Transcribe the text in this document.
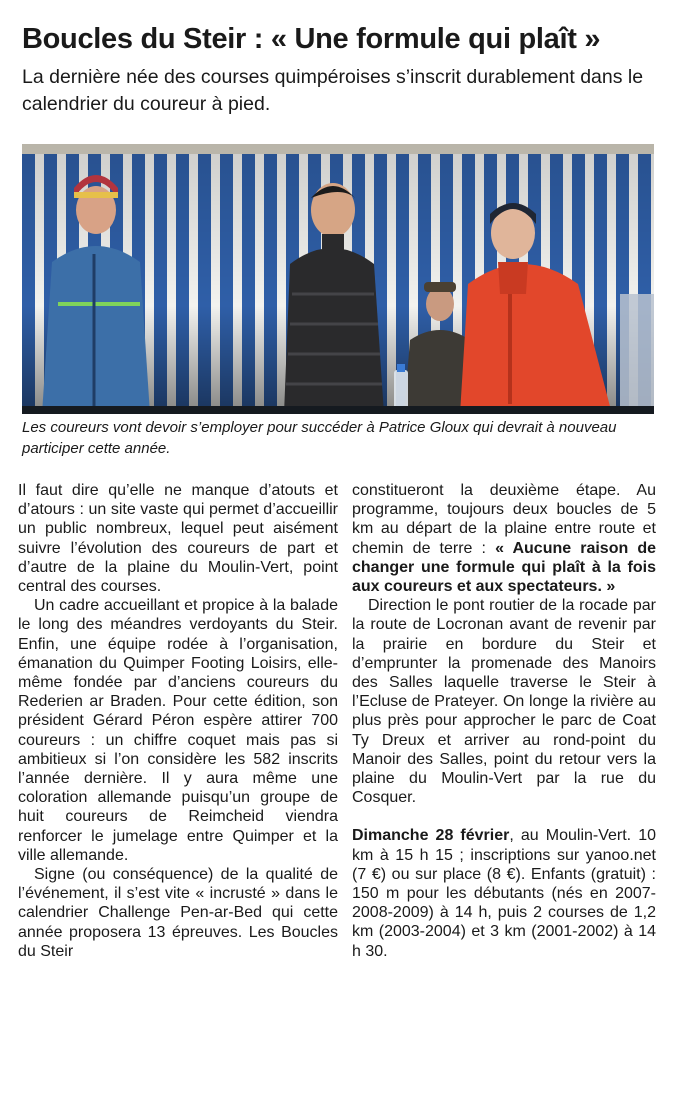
Boucles du Steir : « Une formule qui plaît »

La dernière née des courses quimpéroises s’inscrit durablement dans le calendrier du coureur à pied.

Les coureurs vont devoir s’employer pour succéder à Patrice Gloux qui devrait à nouveau participer cette année.

Il faut dire qu’elle ne manque d’atouts et d’atours : un site vaste qui permet d’accueillir un public nombreux, lequel peut aisément suivre l’évolution des coureurs de part et d’autre de la plaine du Moulin-Vert, point central des courses.

Un cadre accueillant et propice à la balade le long des méandres verdoyants du Steir. Enfin, une équipe rodée à l’organisation, émanation du Quimper Footing Loisirs, elle-même fondée par d’anciens coureurs du Rederien ar Braden. Pour cette édition, son président Gérard Péron espère attirer 700 coureurs : un chiffre coquet mais pas si ambitieux si l’on considère les 582 inscrits l’année dernière. Il y aura même une coloration allemande puisqu’un groupe de huit coureurs de Reimcheid viendra renforcer le jumelage entre Quimper et la ville allemande.

Signe (ou conséquence) de la qualité de l’événement, il s’est vite « incrusté » dans le calendrier Challenge Pen-ar-Bed qui cette année proposera 13 épreuves. Les Boucles du Steir

constitueront la deuxième étape. Au programme, toujours deux boucles de 5 km au départ de la plaine entre route et chemin de terre : « Aucune raison de changer une formule qui plaît à la fois aux coureurs et aux spectateurs. »

Direction le pont routier de la rocade par la route de Locronan avant de revenir par la prairie en bordure du Steir et d’emprunter la promenade des Manoirs des Salles laquelle traverse le Steir à l’Ecluse de Prateyer. On longe la rivière au plus près pour approcher le parc de Coat Ty Dreux et arriver au rond-point du Manoir des Salles, point du retour vers la plaine du Moulin-Vert par la rue du Cosquer.

Dimanche 28 février, au Moulin-Vert. 10 km à 15 h 15 ; inscriptions sur yanoo.net (7 €) ou sur place (8 €). Enfants (gratuit) : 150 m pour les débutants (nés en 2007-2008-2009) à 14 h, puis 2 courses de 1,2 km (2003-2004) et 3 km (2001-2002) à 14 h 30.
